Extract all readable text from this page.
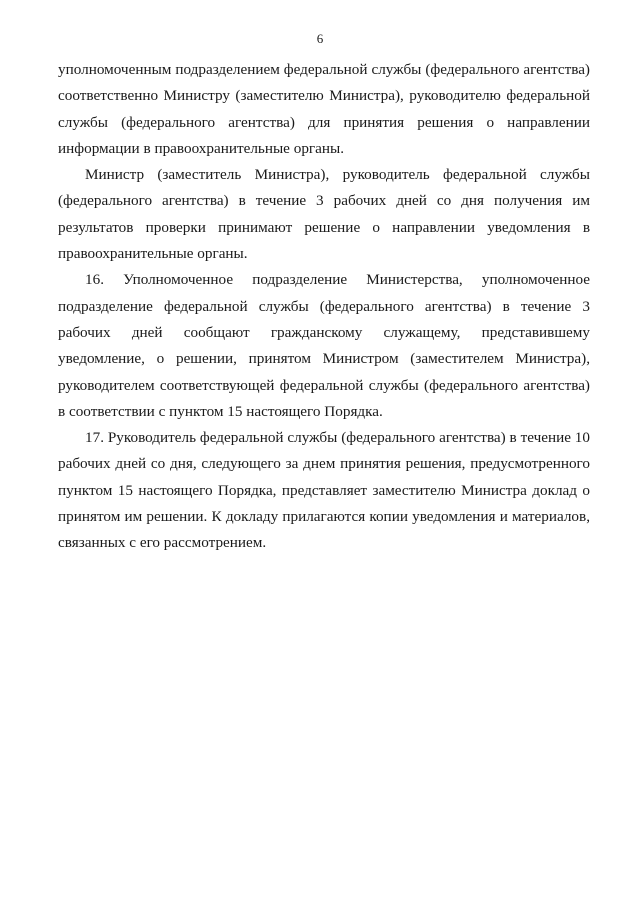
6

уполномоченным подразделением федеральной службы (федерального агентства) соответственно Министру (заместителю Министра), руководителю федеральной службы (федерального агентства) для принятия решения о направлении информации в правоохранительные органы.

Министр (заместитель Министра), руководитель федеральной службы (федерального агентства) в течение 3 рабочих дней со дня получения им результатов проверки принимают решение о направлении уведомления в правоохранительные органы.

16. Уполномоченное подразделение Министерства, уполномоченное подразделение федеральной службы (федерального агентства) в течение 3 рабочих дней сообщают гражданскому служащему, представившему уведомление, о решении, принятом Министром (заместителем Министра), руководителем соответствующей федеральной службы (федерального агентства) в соответствии с пунктом 15 настоящего Порядка.

17. Руководитель федеральной службы (федерального агентства) в течение 10 рабочих дней со дня, следующего за днем принятия решения, предусмотренного пунктом 15 настоящего Порядка, представляет заместителю Министра доклад о принятом им решении. К докладу прилагаются копии уведомления и материалов, связанных с его рассмотрением.
